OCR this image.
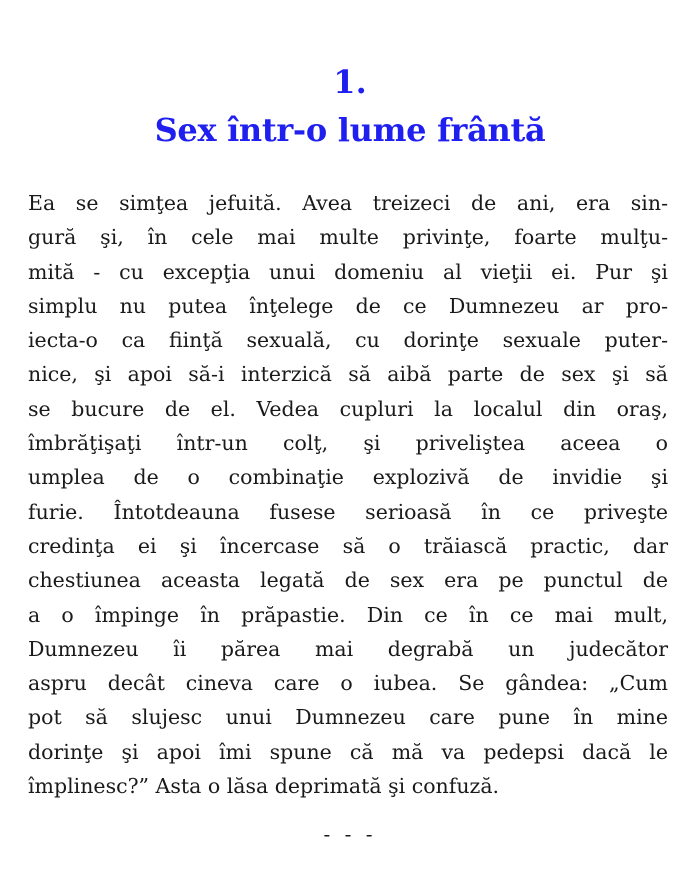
1.
Sex într-o lume frântă
Ea se simţea jefuită. Avea treizeci de ani, era sin-
gură şi, în cele mai multe privinţe, foarte mulţu-
mită - cu excepţia unui domeniu al vieţii ei. Pur şi
simplu nu putea înţelege de ce Dumnezeu ar pro-
iecta-o ca fiinţă sexuală, cu dorinţe sexuale puter-
nice, şi apoi să-i interzică să aibă parte de sex şi să
se bucure de el. Vedea cupluri la localul din oraş,
îmbrăţişaţi într-un colţ, şi priveliştea aceea o
umplea de o combinaţie explozivă de invidie şi
furie. Întotdeauna fusese serioasă în ce priveşte
credinţa ei şi încercase să o trăiască practic, dar
chestiunea aceasta legată de sex era pe punctul de
a o împinge în prăpastie. Din ce în ce mai mult,
Dumnezeu îi părea mai degrabă un judecător
aspru decât cineva care o iubea. Se gândea: „Cum
pot să slujesc unui Dumnezeu care pune în mine
dorinţe şi apoi îmi spune că mă va pedepsi dacă le
împlinesc?” Asta o lăsa deprimată şi confuză.
- - -
